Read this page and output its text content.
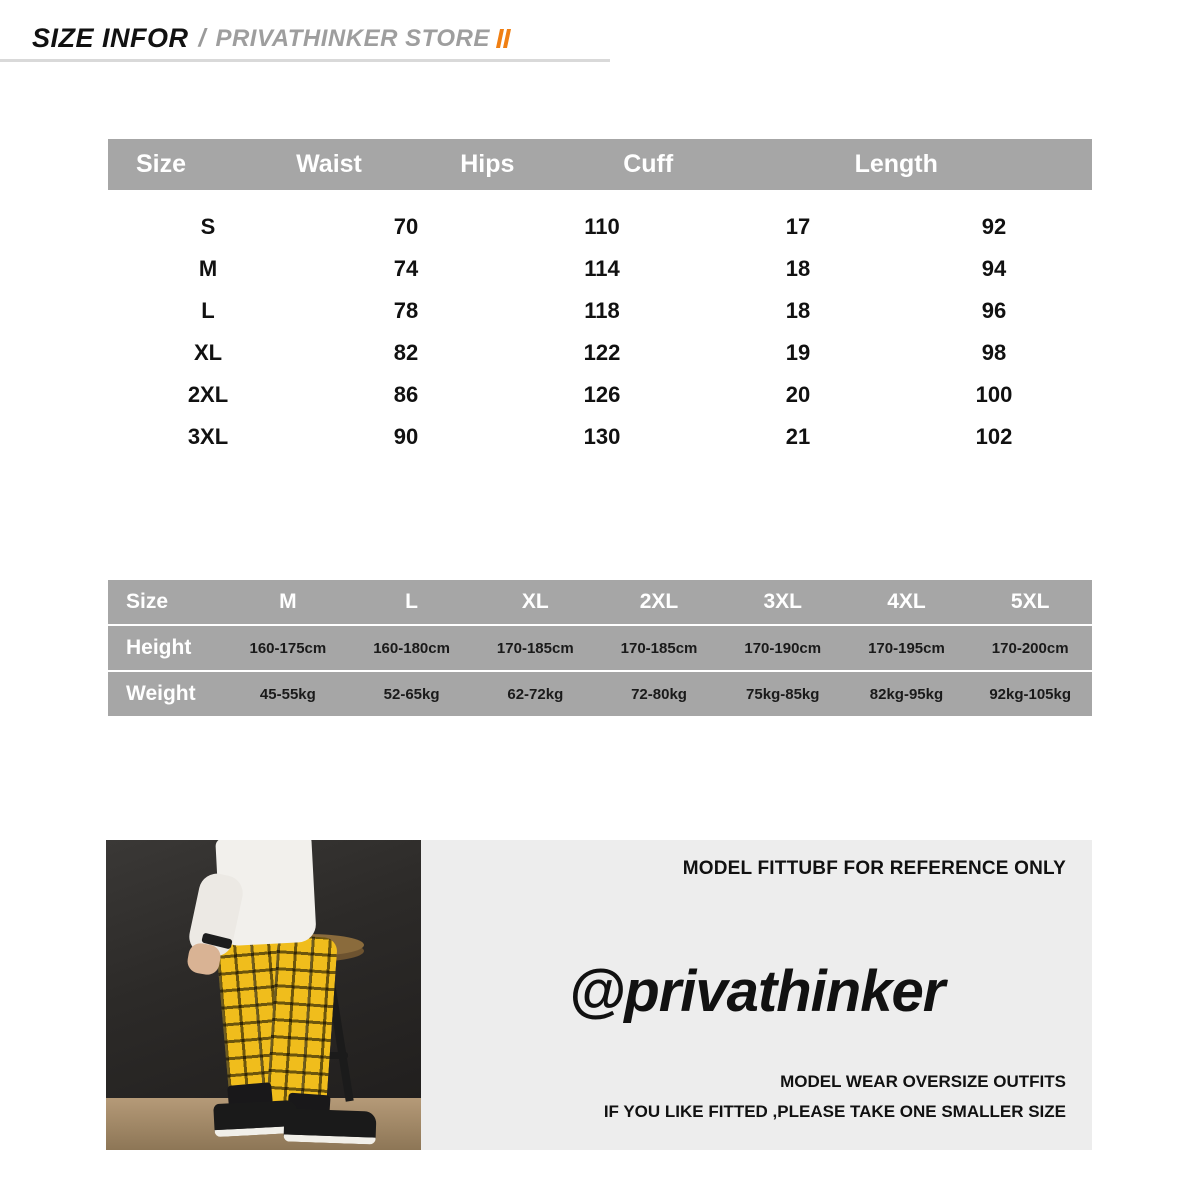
SIZE INFOR / PRIVATHINKER STORE
Size	Waist	Hips	Cuff	Length
S	70	110	17	92
M	74	114	18	94
L	78	118	18	96
XL	82	122	19	98
2XL	86	126	20	100
3XL	90	130	21	102
Size	M	L	XL	2XL	3XL	4XL	5XL
Height	160-175cm	160-180cm	170-185cm	170-185cm	170-190cm	170-195cm	170-200cm
Weight	45-55kg	52-65kg	62-72kg	72-80kg	75kg-85kg	82kg-95kg	92kg-105kg
MODEL FITTUBF FOR REFERENCE ONLY
@privathinker
MODEL WEAR OVERSIZE OUTFITS
IF YOU LIKE FITTED ,PLEASE TAKE ONE SMALLER SIZE
